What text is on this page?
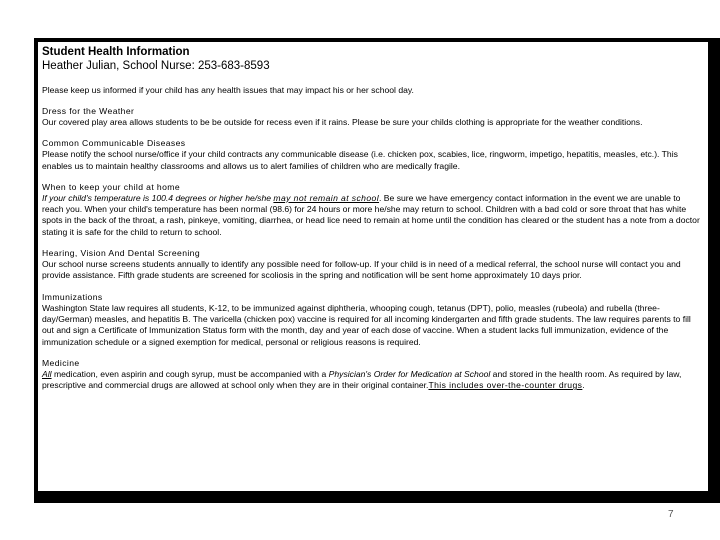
Student Health Information

Heather Julian, School Nurse: 253-683-8593

Please keep us informed if your child has any health issues that may impact his or her school day.

Dress for the Weather

Our covered play area allows students to be be outside for recess even if it rains. Please be sure your childs clothing is appropriate for the weather conditions.

Common Communicable Diseases

Please notify the school nurse/office if your child contracts any communicable disease (i.e. chicken pox, scabies, lice, ringworm, impetigo, hepatitis, measles, etc.). This enables us to maintain healthy classrooms and allows us to alert families of children who are medically fragile.

When to keep your child at home

If your child's temperature is 100.4 degrees or higher he/she may not remain at school. Be sure we have emergency contact information in the event we are unable to reach you. When your child's temperature has been normal (98.6) for 24 hours or more he/she may return to school. Children with a bad cold or sore throat that has white spots in the back of the throat, a rash, pinkeye, vomiting, diarrhea, or head lice need to remain at home until the condition has cleared or the student has a note from a doctor stating it is safe for the child to return to school.

Hearing, Vision And Dental Screening

Our school nurse screens students annually to identify any possible need for follow-up. If your child is in need of a medical referral, the school nurse will contact you and provide assistance. Fifth grade students are screened for scoliosis in the spring and notification will be sent home approximately 10 days prior.

Immunizations

Washington State law requires all students, K-12, to be immunized against diphtheria, whooping cough, tetanus (DPT), polio, measles (rubeola) and rubella (three-day/German) measles, and hepatitis B. The varicella (chicken pox) vaccine is required for all incoming kindergarten and fifth grade students. The law requires parents to fill out and sign a Certificate of Immunization Status form with the month, day and year of each dose of vaccine. When a student lacks full immunization, evidence of the immunization schedule or a signed exemption for medical, personal or religious reasons is required.

Medicine

All medication, even aspirin and cough syrup, must be accompanied with a Physician's Order for Medication at School and stored in the health room. As required by law, prescriptive and commercial drugs are allowed at school only when they are in their original container.This includes over-the-counter drugs.

7
